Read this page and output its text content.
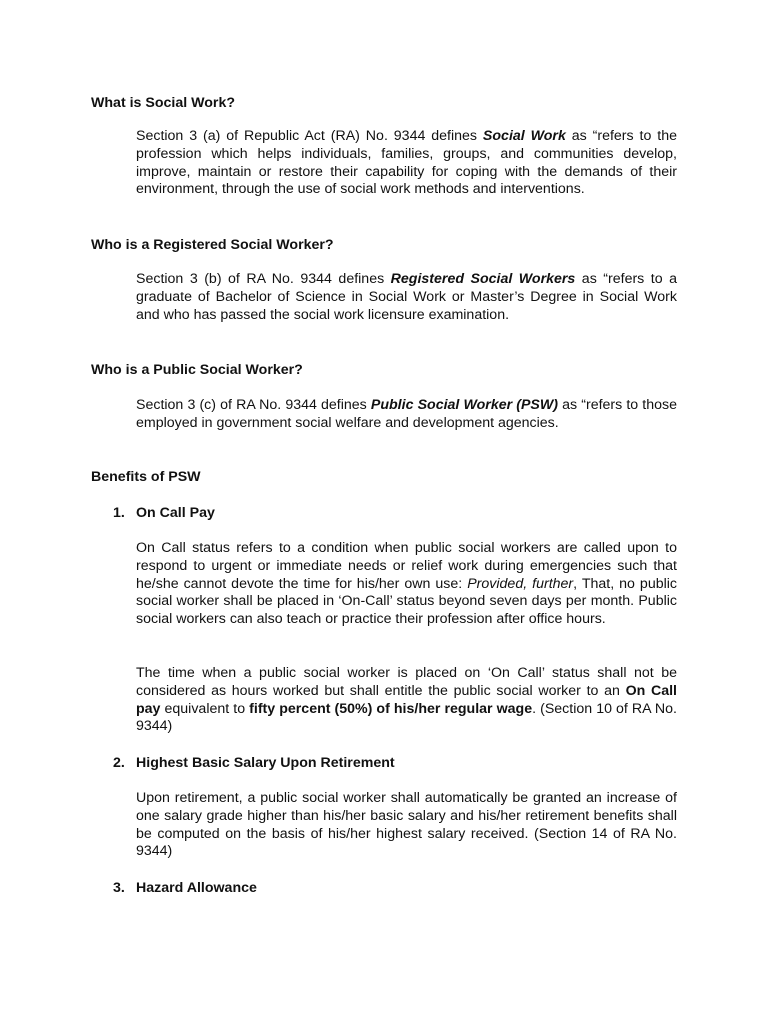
What is Social Work?
Section 3 (a) of Republic Act (RA) No. 9344 defines Social Work as “refers to the profession which helps individuals, families, groups, and communities develop, improve, maintain or restore their capability for coping with the demands of their environment, through the use of social work methods and interventions.
Who is a Registered Social Worker?
Section 3 (b) of RA No. 9344 defines Registered Social Workers as “refers to a graduate of Bachelor of Science in Social Work or Master’s Degree in Social Work and who has passed the social work licensure examination.
Who is a Public Social Worker?
Section 3 (c) of RA No. 9344 defines Public Social Worker (PSW) as “refers to those employed in government social welfare and development agencies.
Benefits of PSW
1. On Call Pay
On Call status refers to a condition when public social workers are called upon to respond to urgent or immediate needs or relief work during emergencies such that he/she cannot devote the time for his/her own use: Provided, further, That, no public social worker shall be placed in ‘On-Call’ status beyond seven days per month. Public social workers can also teach or practice their profession after office hours.
The time when a public social worker is placed on ‘On Call’ status shall not be considered as hours worked but shall entitle the public social worker to an On Call pay equivalent to fifty percent (50%) of his/her regular wage. (Section 10 of RA No. 9344)
2. Highest Basic Salary Upon Retirement
Upon retirement, a public social worker shall automatically be granted an increase of one salary grade higher than his/her basic salary and his/her retirement benefits shall be computed on the basis of his/her highest salary received. (Section 14 of RA No. 9344)
3. Hazard Allowance
